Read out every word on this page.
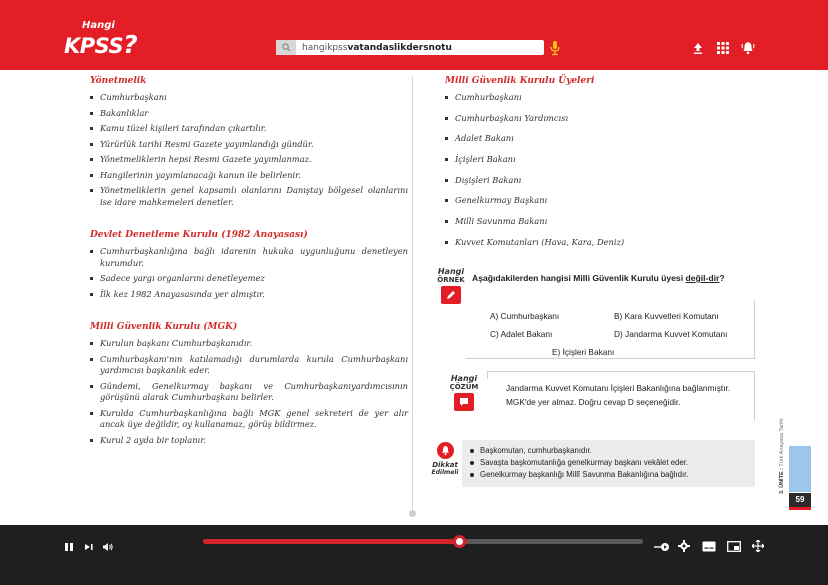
Hangi
KPSS?	hangikpssvatandaslikdersnotu
Yönetmelik
Cumhurbaşkanı
Bakanlıklar
Kamu tüzel kişileri tarafından çıkartılır.
Yürürlük tarihi Resmi Gazete yayımlandığı gündür.
Yönetmeliklerin hepsi Resmi Gazete yayımlanmaz.
Hangilerinin yayımlanacağı kanun ile belirlenir.
Yönetmeliklerin genel kapsamlı olanlarını Danıştay bölgesel olanlarını ise idare mahkemeleri denetler.
Devlet Denetleme Kurulu (1982 Anayasası)
Cumhurbaşkanlığına bağlı idarenin hukuka uygunluğunu denetleyen kurumdur.
Sadece yargı organlarını denetleyemez
İlk kez 1982 Anayasasında yer almıştır.
Milli Güvenlik Kurulu (MGK)
Kurulun başkanı Cumhurbaşkanıdır.
Cumhurbaşkanı'nın katılamadığı durumlarda kurula Cumhurbaşkanı yardımcısı başkanlık eder.
Gündemi, Genelkurmay başkanı ve Cumhurbaşkanıyardımcısının görüşünü alarak Cumhurbaşkanı belirler.
Kurulda Cumhurbaşkanlığına bağlı MGK genel sekreteri de yer alır ancak üye değildir, oy kullanamaz, görüş bildirmez.
Kurul 2 ayda bir toplanır.
Milli Güvenlik Kurulu Üyeleri
Cumhurbaşkanı
Cumhurbaşkanı Yardımcısı
Adalet Bakanı
İçişleri Bakanı
Dışişleri Bakanı
Genelkurmay Başkanı
Milli Savunma Bakanı
Kuvvet Komutanları (Hava, Kara, Deniz)
Hangi
ÖRNEK Aşağıdakilerden hangisi Milli Güvenlik Kurulu üyesi değil-dir?
A) Cumhurbaşkanı	B) Kara Kuvvetleri Komutanı
C) Adalet Bakanı	D) Jandarma Kuvvet Komutanı
E) İçişleri Bakanı
Hangi
ÇÖZÜM	Jandarma Kuvvet Komutanı İçişleri Bakanlığına bağlanmıştır. MGK'de yer almaz. Doğru cevap D seçeneğidir.
Dikkat
Edilmeli
Başkomutan, cumhurbaşkanıdır.
Savaşta başkomutanlığa genelkurmay başkanı vekâlet eder.
Genelkurmay başkanlığı Millî Savunma Bakanlığına bağlıdır.	3. ÜNİTE : Türk Anayasa Tarihi
59
